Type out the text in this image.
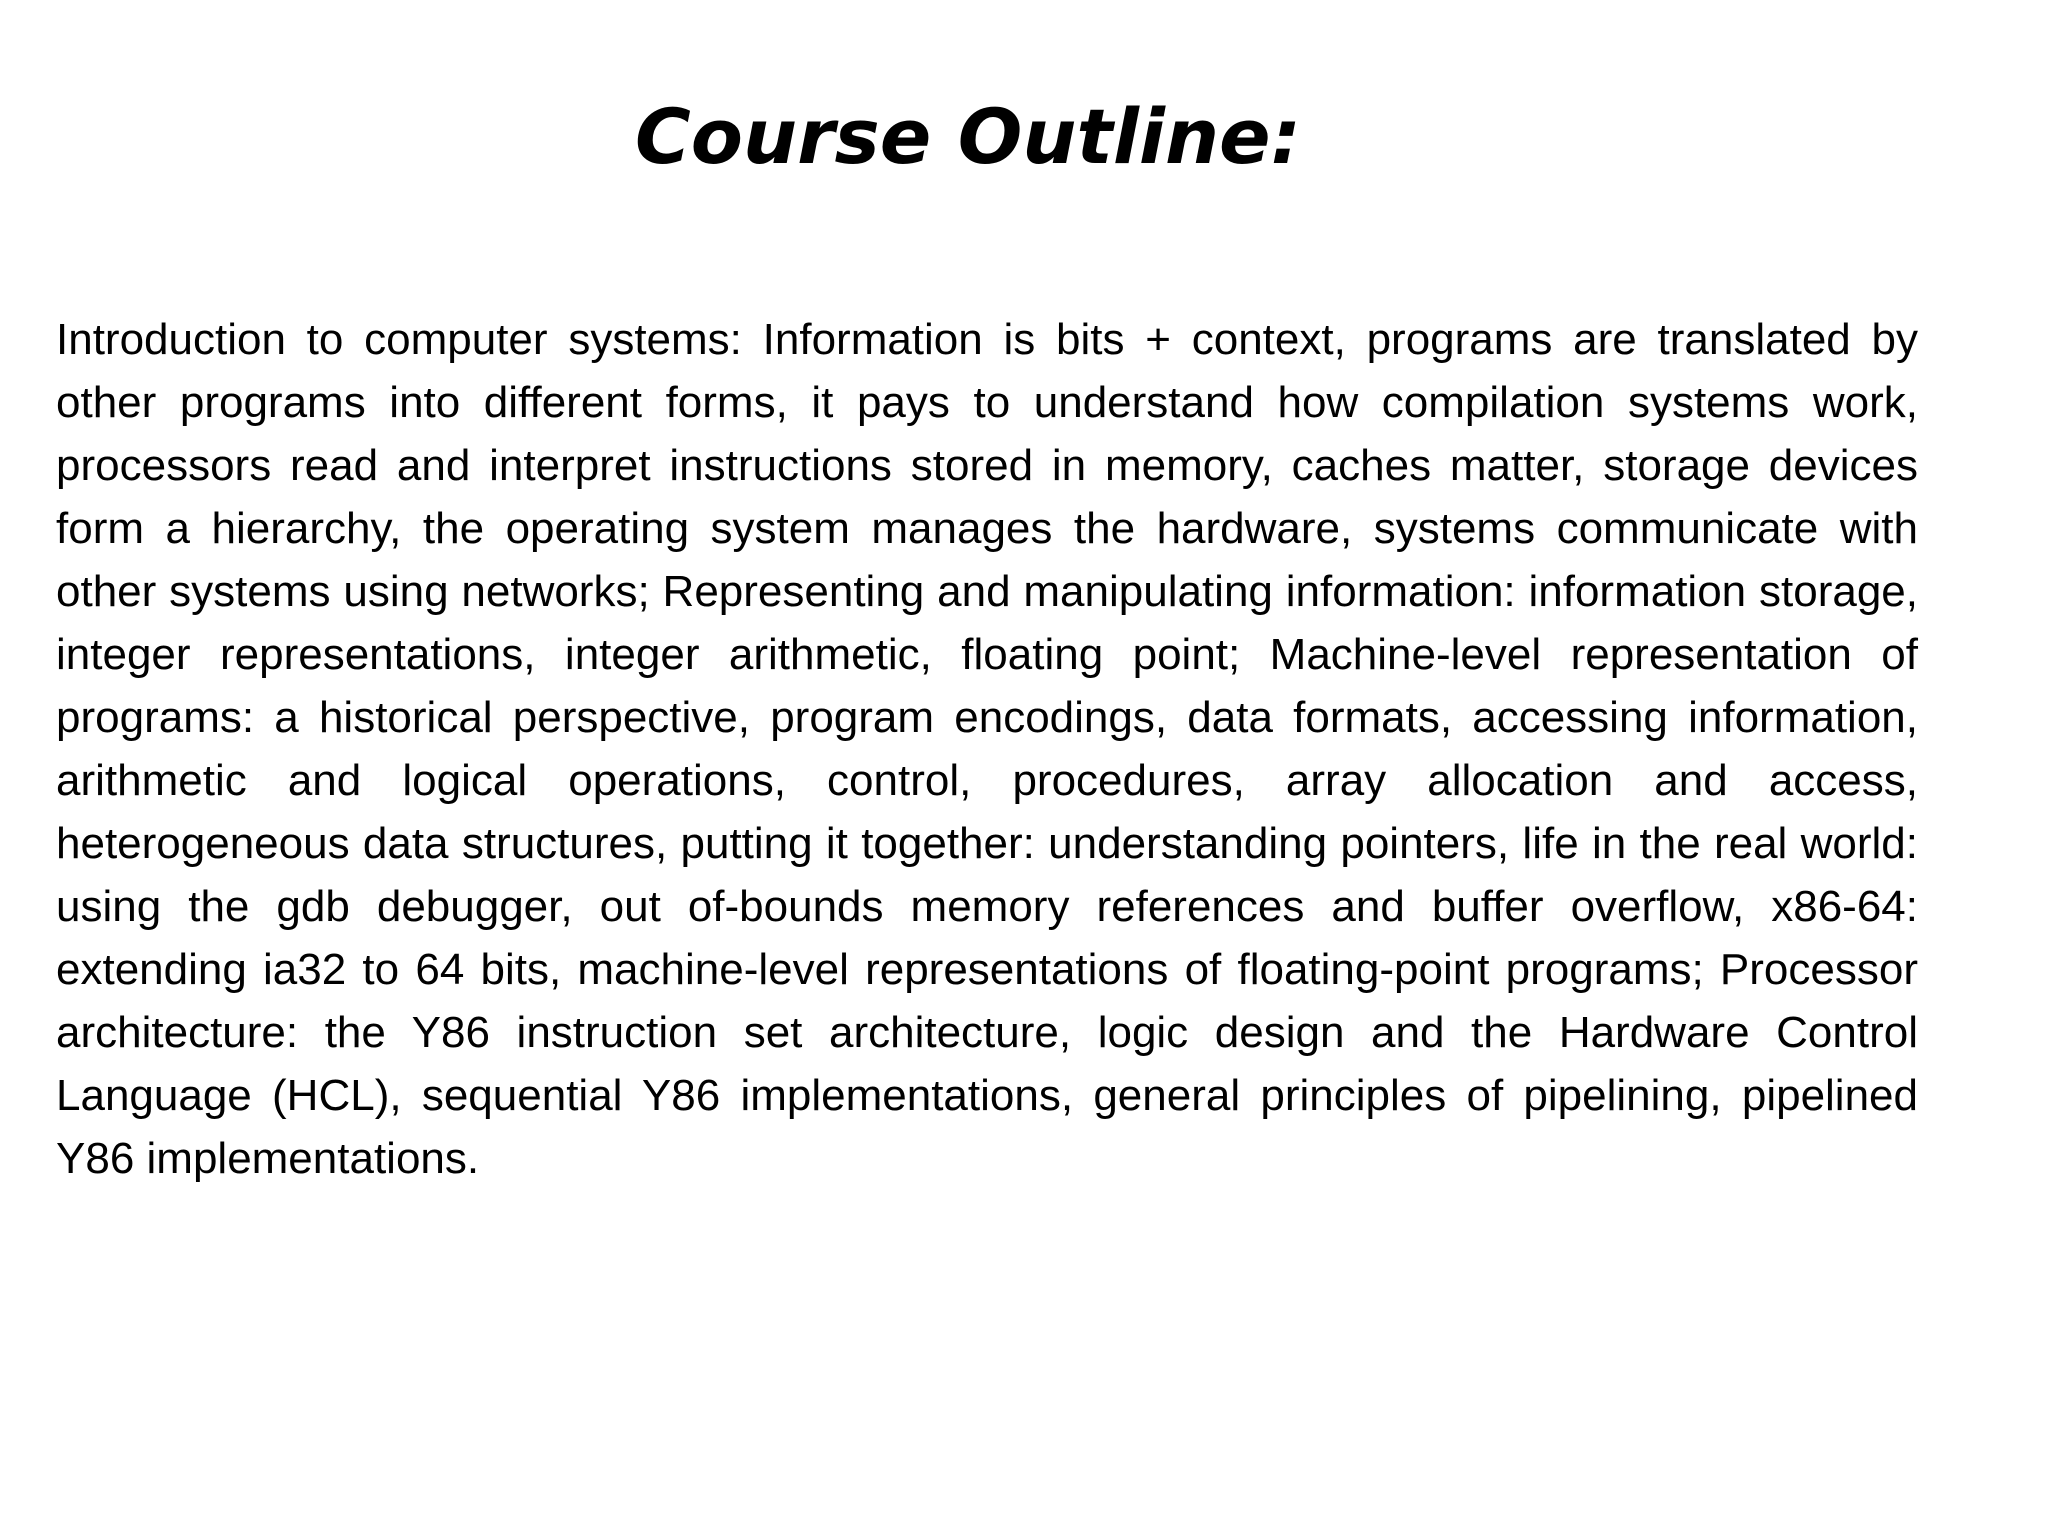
Course Outline:

Introduction to computer systems: Information is bits + context, programs are translated by other programs into different forms, it pays to understand how compilation systems work, processors read and interpret instructions stored in memory, caches matter, storage devices form a hierarchy, the operating system manages the hardware, systems communicate with other systems using networks; Representing and manipulating information: information storage, integer representations, integer arithmetic, floating point; Machine-level representation of programs: a historical perspective, program encodings, data formats, accessing information, arithmetic and logical operations, control, procedures, array allocation and access, heterogeneous data structures, putting it together: understanding pointers, life in the real world: using the gdb debugger, out of-bounds memory references and buffer overflow, x86-64: extending ia32 to 64 bits, machine-level representations of floating-point programs; Processor architecture: the Y86 instruction set architecture, logic design and the Hardware Control Language (HCL), sequential Y86 implementations, general principles of pipelining, pipelined Y86 implementations.
